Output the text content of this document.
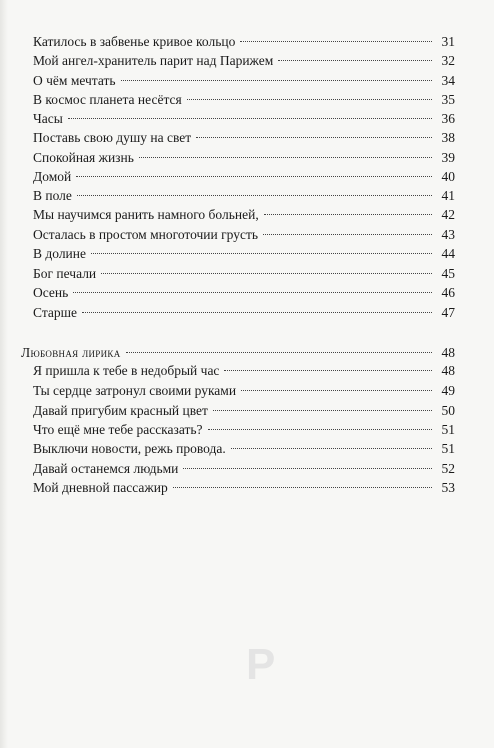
P
Катилось в забвенье кривое кольцо	31
Мой ангел-хранитель парит над Парижем	32
О чём мечтать	34
В космос планета несётся	35
Часы	36
Поставь свою душу на свет	38
Спокойная жизнь	39
Домой	40
В поле	41
Мы научимся ранить намного больней,	42
Осталась в простом многоточии грусть	43
В долине	44
Бог печали	45
Осень	46
Старше	47
Любовная лирика	48
Я пришла к тебе в недобрый час	48
Ты сердце затронул своими руками	49
Давай пригубим красный цвет	50
Что ещё мне тебе рассказать?	51
Выключи новости, режь провода.	51
Давай останемся людьми	52
Мой дневной пассажир	53
